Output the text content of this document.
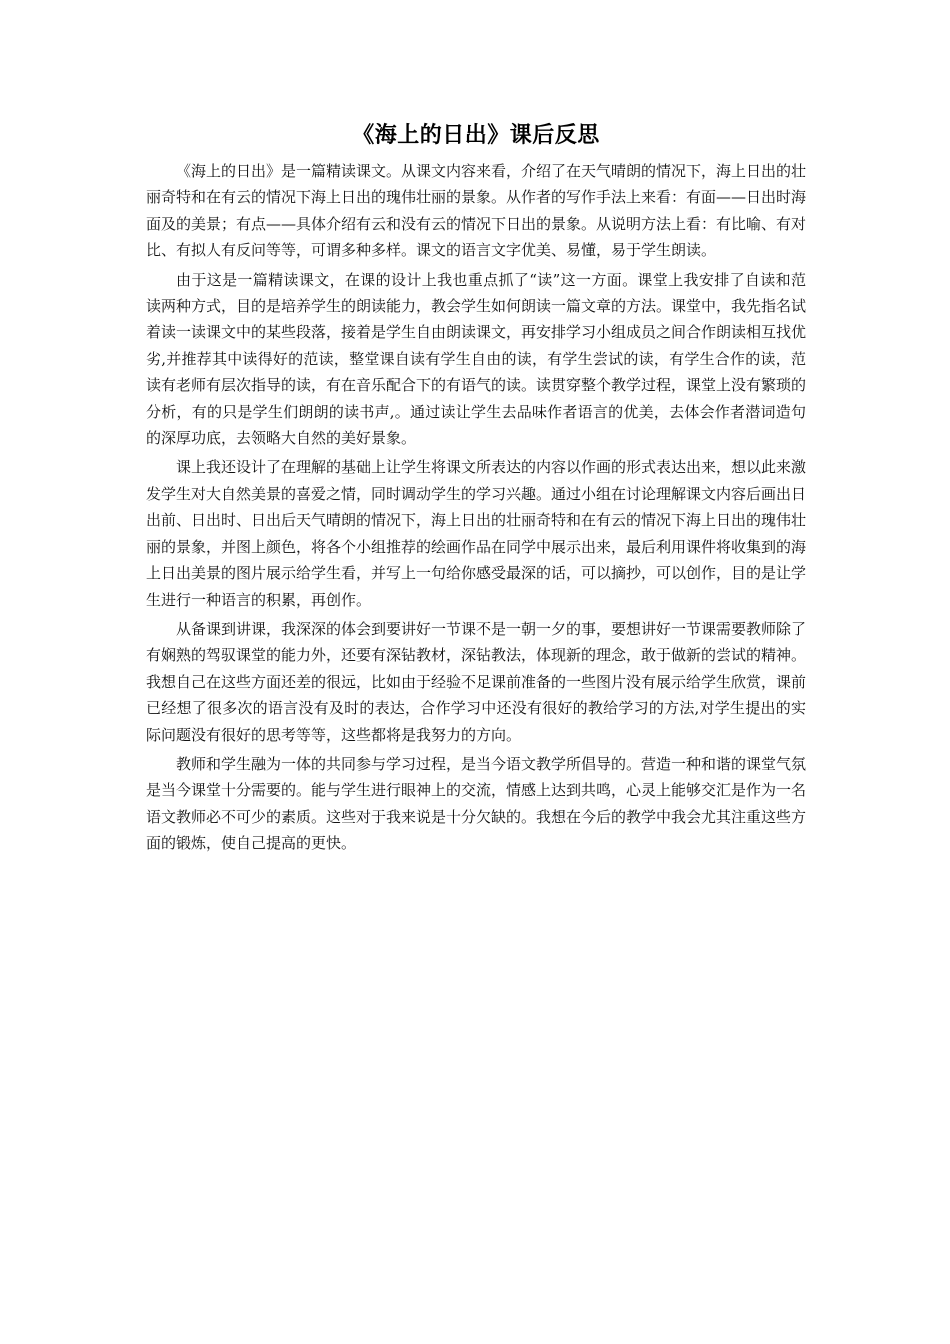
《海上的日出》课后反思

《海上的日出》是一篇精读课文。从课文内容来看，介绍了在天气晴朗的情况下，海上日出的壮丽奇特和在有云的情况下海上日出的瑰伟壮丽的景象。从作者的写作手法上来看：有面——日出时海面及的美景；有点——具体介绍有云和没有云的情况下日出的景象。从说明方法上看：有比喻、有对比、有拟人有反问等等，可谓多种多样。课文的语言文字优美、易懂，易于学生朗读。

由于这是一篇精读课文，在课的设计上我也重点抓了“读”这一方面。课堂上我安排了自读和范读两种方式，目的是培养学生的朗读能力，教会学生如何朗读一篇文章的方法。课堂中，我先指名试着读一读课文中的某些段落，接着是学生自由朗读课文，再安排学习小组成员之间合作朗读相互找优劣,并推荐其中读得好的范读，整堂课自读有学生自由的读，有学生尝试的读，有学生合作的读，范读有老师有层次指导的读，有在音乐配合下的有语气的读。读贯穿整个教学过程，课堂上没有繁琐的分析，有的只是学生们朗朗的读书声,。通过读让学生去品味作者语言的优美，去体会作者潜词造句的深厚功底，去领略大自然的美好景象。

课上我还设计了在理解的基础上让学生将课文所表达的内容以作画的形式表达出来，想以此来激发学生对大自然美景的喜爱之情，同时调动学生的学习兴趣。通过小组在讨论理解课文内容后画出日出前、日出时、日出后天气晴朗的情况下，海上日出的壮丽奇特和在有云的情况下海上日出的瑰伟壮丽的景象，并图上颜色，将各个小组推荐的绘画作品在同学中展示出来，最后利用课件将收集到的海上日出美景的图片展示给学生看，并写上一句给你感受最深的话，可以摘抄，可以创作，目的是让学生进行一种语言的积累，再创作。

从备课到讲课，我深深的体会到要讲好一节课不是一朝一夕的事，要想讲好一节课需要教师除了有娴熟的驾驭课堂的能力外，还要有深钻教材，深钻教法，体现新的理念，敢于做新的尝试的精神。我想自己在这些方面还差的很远，比如由于经验不足课前准备的一些图片没有展示给学生欣赏，课前已经想了很多次的语言没有及时的表达，合作学习中还没有很好的教给学习的方法,对学生提出的实际问题没有很好的思考等等，这些都将是我努力的方向。

教师和学生融为一体的共同参与学习过程，是当今语文教学所倡导的。营造一种和谐的课堂气氛是当今课堂十分需要的。能与学生进行眼神上的交流，情感上达到共鸣，心灵上能够交汇是作为一名语文教师必不可少的素质。这些对于我来说是十分欠缺的。我想在今后的教学中我会尤其注重这些方面的锻炼，使自己提高的更快。
